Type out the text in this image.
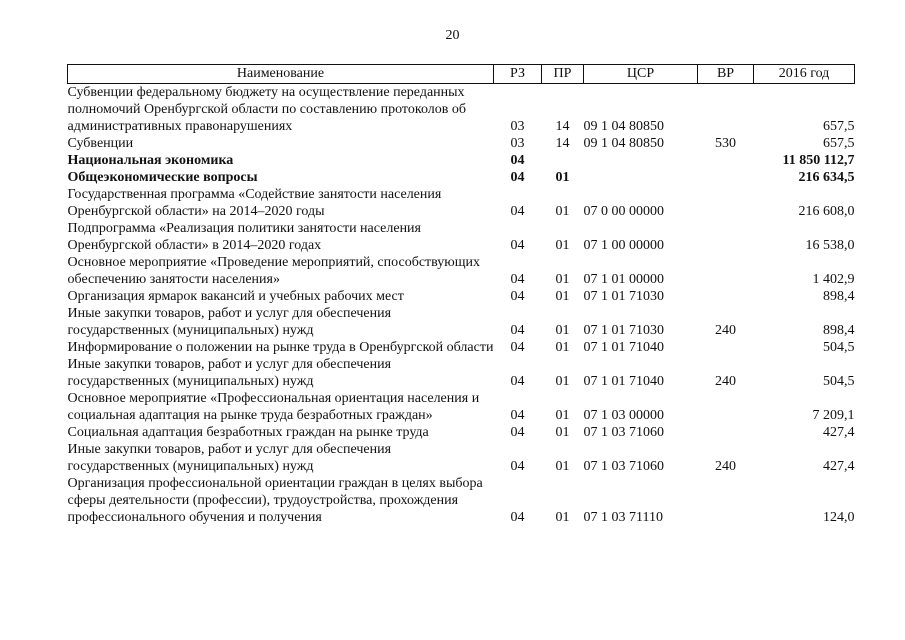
20
Наименование	РЗ	ПР	ЦСР	ВР	2016 год
Субвенции федеральному бюджету на осуществление переданных полномочий Оренбургской области по составлению протоколов об административных правонарушениях	03	14	09 1 04 80850		657,5
Субвенции	03	14	09 1 04 80850	530	657,5
Национальная экономика	04				11 850 112,7
Общеэкономические вопросы	04	01			216 634,5
Государственная программа «Содействие занятости населения Оренбургской области» на 2014–2020 годы	04	01	07 0 00 00000		216 608,0
Подпрограмма «Реализация политики занятости населения Оренбургской области» в 2014–2020 годах	04	01	07 1 00 00000		16 538,0
Основное мероприятие «Проведение мероприятий, способствующих обеспечению занятости населения»	04	01	07 1 01 00000		1 402,9
Организация ярмарок вакансий и учебных рабочих мест	04	01	07 1 01 71030		898,4
Иные закупки товаров, работ и услуг для обеспечения государственных (муниципальных) нужд	04	01	07 1 01 71030	240	898,4
Информирование о положении на рынке труда в Оренбургской области	04	01	07 1 01 71040		504,5
Иные закупки товаров, работ и услуг для обеспечения государственных (муниципальных) нужд	04	01	07 1 01 71040	240	504,5
Основное мероприятие «Профессиональная ориентация населения и социальная адаптация на рынке труда безработных граждан»	04	01	07 1 03 00000		7 209,1
Социальная адаптация безработных граждан на рынке труда	04	01	07 1 03 71060		427,4
Иные закупки товаров, работ и услуг для обеспечения государственных (муниципальных) нужд	04	01	07 1 03 71060	240	427,4
Организация профессиональной ориентации граждан в целях выбора сферы деятельности (профессии), трудоустройства, прохождения профессионального обучения и получения	04	01	07 1 03 71110		124,0
